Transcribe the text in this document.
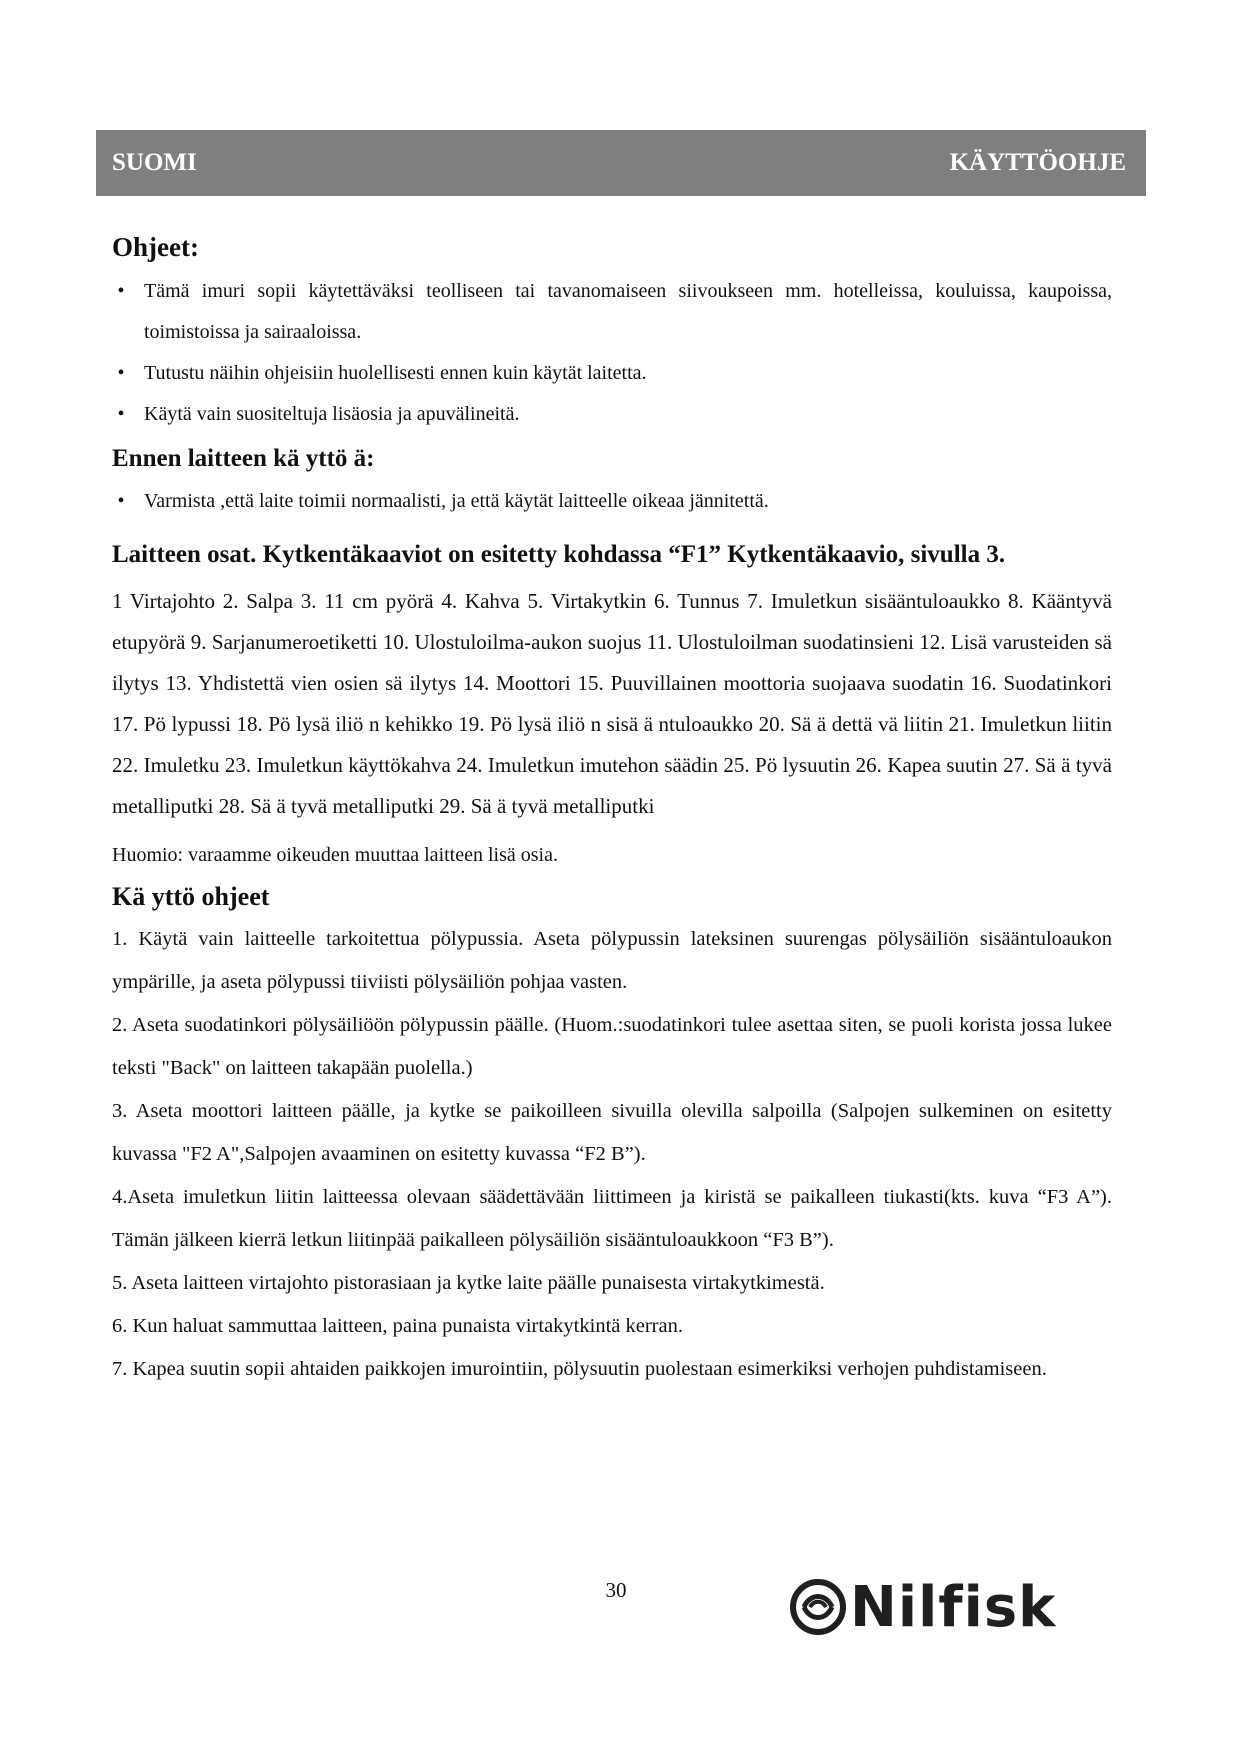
SUOMI	KÄYTTÖOHJE
Ohjeet:
• Tämä imuri sopii käytettäväksi teolliseen tai tavanomaiseen siivoukseen mm. hotelleissa, kouluissa, kaupoissa, toimistoissa ja sairaaloissa.
• Tutustu näihin ohjeisiin huolellisesti ennen kuin käytät laitetta.
• Käytä vain suositeltuja lisäosia ja apuvälineitä.
Ennen laitteen kä yttö ä:
• Varmista ,että laite toimii normaalisti, ja että käytät laitteelle oikeaa jännitettä.
Laitteen osat. Kytkentäkaaviot on esitetty kohdassa “F1” Kytkentäkaavio, sivulla 3.

1 Virtajohto 2. Salpa 3. 11 cm pyörä 4. Kahva 5. Virtakytkin 6. Tunnus 7. Imuletkun sisääntuloaukko 8. Kääntyvä etupyörä 9. Sarjanumeroetiketti 10. Ulostuloilma-aukon suojus 11. Ulostuloilman suodatinsieni 12. Lisä varusteiden sä ilytys 13. Yhdistettä vien osien sä ilytys 14. Moottori 15. Puuvillainen moottoria suojaava suodatin 16. Suodatinkori 17. Pö lypussi 18. Pö lysä iliö n kehikko 19. Pö lysä iliö n sisä ä ntuloaukko 20. Sä ä dettä vä liitin 21. Imuletkun liitin 22. Imuletku 23. Imuletkun käyttökahva 24. Imuletkun imutehon säädin 25. Pö lysuutin 26. Kapea suutin 27. Sä ä tyvä metalliputki 28. Sä ä tyvä metalliputki 29. Sä ä tyvä metalliputki

Huomio: varaamme oikeuden muuttaa laitteen lisä osia.

Kä yttö ohjeet
1. Käytä vain laitteelle tarkoitettua pölypussia. Aseta pölypussin lateksinen suurengas pölysäiliön sisääntuloaukon ympärille, ja aseta pölypussi tiiviisti pölysäiliön pohjaa vasten.
2. Aseta suodatinkori pölysäiliöön pölypussin päälle. (Huom.:suodatinkori tulee asettaa siten, se puoli korista jossa lukee teksti "Back" on laitteen takapään puolella.)
3. Aseta moottori laitteen päälle, ja kytke se paikoilleen sivuilla olevilla salpoilla (Salpojen sulkeminen on esitetty kuvassa "F2 A",Salpojen avaaminen on esitetty kuvassa “F2 B”).
4.Aseta imuletkun liitin laitteessa olevaan säädettävään liittimeen ja kiristä se paikalleen tiukasti(kts. kuva “F3 A”). Tämän jälkeen kierrä letkun liitinpää paikalleen pölysäiliön sisääntuloaukkoon “F3 B”).
5. Aseta laitteen virtajohto pistorasiaan ja kytke laite päälle punaisesta virtakytkimestä.
6. Kun haluat sammuttaa laitteen, paina punaista virtakytkintä kerran.
7. Kapea suutin sopii ahtaiden paikkojen imurointiin, pölysuutin puolestaan esimerkiksi verhojen puhdistamiseen.
30	Nilfisk
